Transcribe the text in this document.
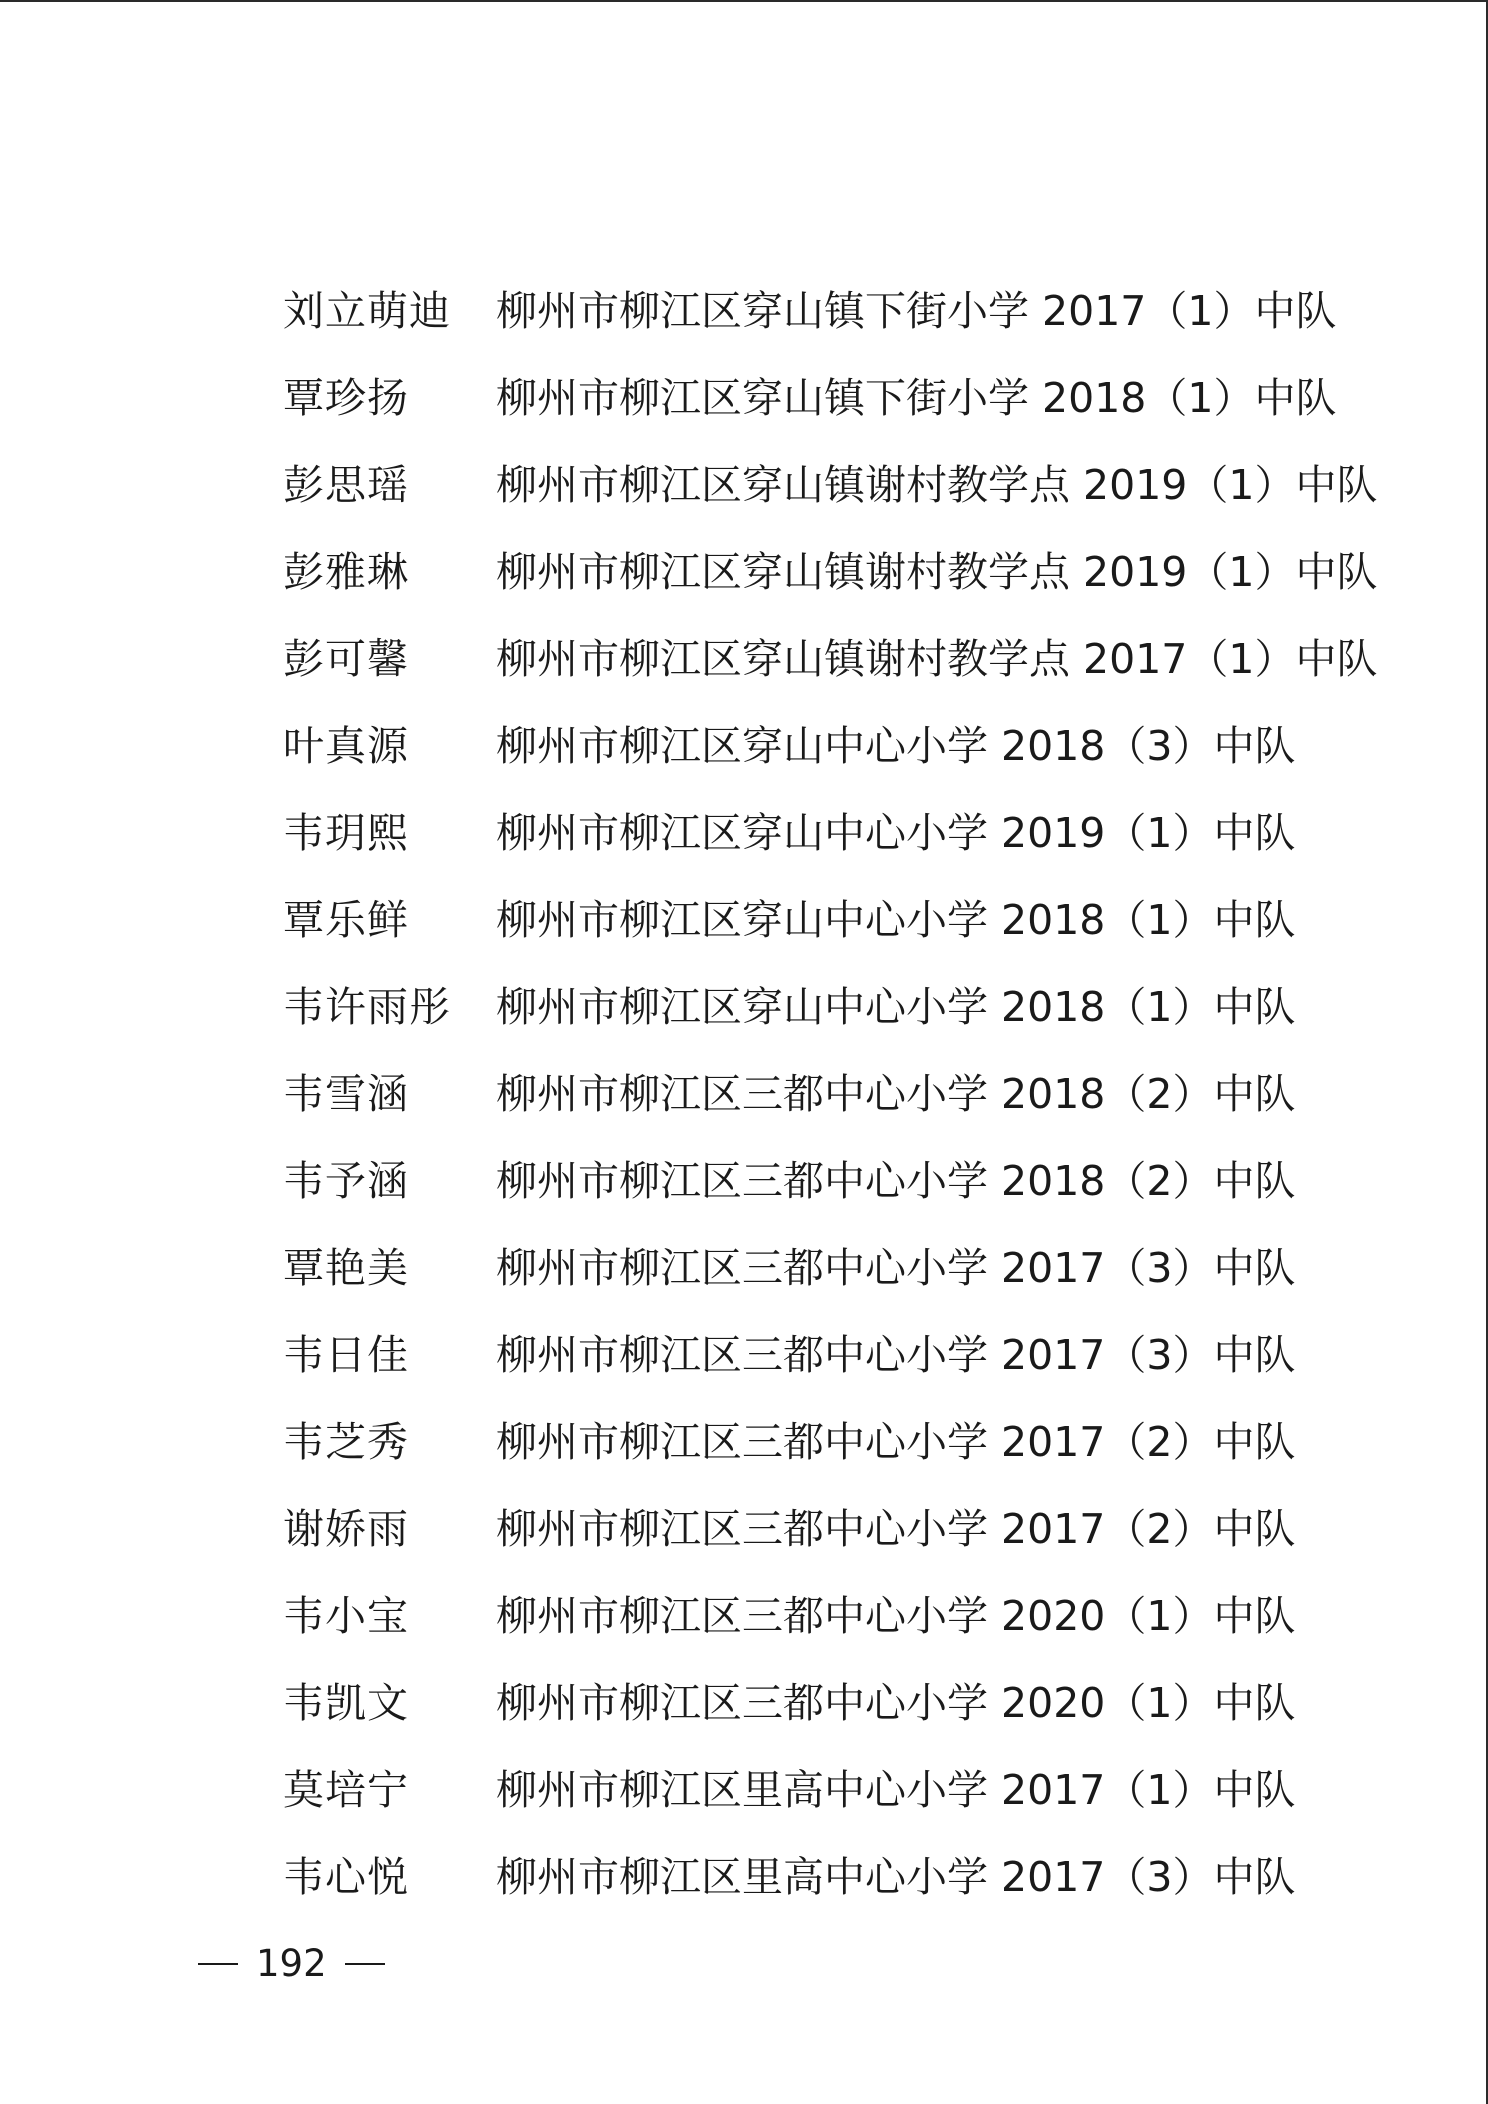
刘立萌迪	柳州市柳江区穿山镇下街小学 2017（1）中队
覃珍扬	柳州市柳江区穿山镇下街小学 2018（1）中队
彭思瑶	柳州市柳江区穿山镇谢村教学点 2019（1）中队
彭雅琳	柳州市柳江区穿山镇谢村教学点 2019（1）中队
彭可馨	柳州市柳江区穿山镇谢村教学点 2017（1）中队
叶真源	柳州市柳江区穿山中心小学 2018（3）中队
韦玥熙	柳州市柳江区穿山中心小学 2019（1）中队
覃乐鲜	柳州市柳江区穿山中心小学 2018（1）中队
韦许雨彤	柳州市柳江区穿山中心小学 2018（1）中队
韦雪涵	柳州市柳江区三都中心小学 2018（2）中队
韦予涵	柳州市柳江区三都中心小学 2018（2）中队
覃艳美	柳州市柳江区三都中心小学 2017（3）中队
韦日佳	柳州市柳江区三都中心小学 2017（3）中队
韦芝秀	柳州市柳江区三都中心小学 2017（2）中队
谢娇雨	柳州市柳江区三都中心小学 2017（2）中队
韦小宝	柳州市柳江区三都中心小学 2020（1）中队
韦凯文	柳州市柳江区三都中心小学 2020（1）中队
莫培宁	柳州市柳江区里高中心小学 2017（1）中队
韦心悦	柳州市柳江区里高中心小学 2017（3）中队
192
